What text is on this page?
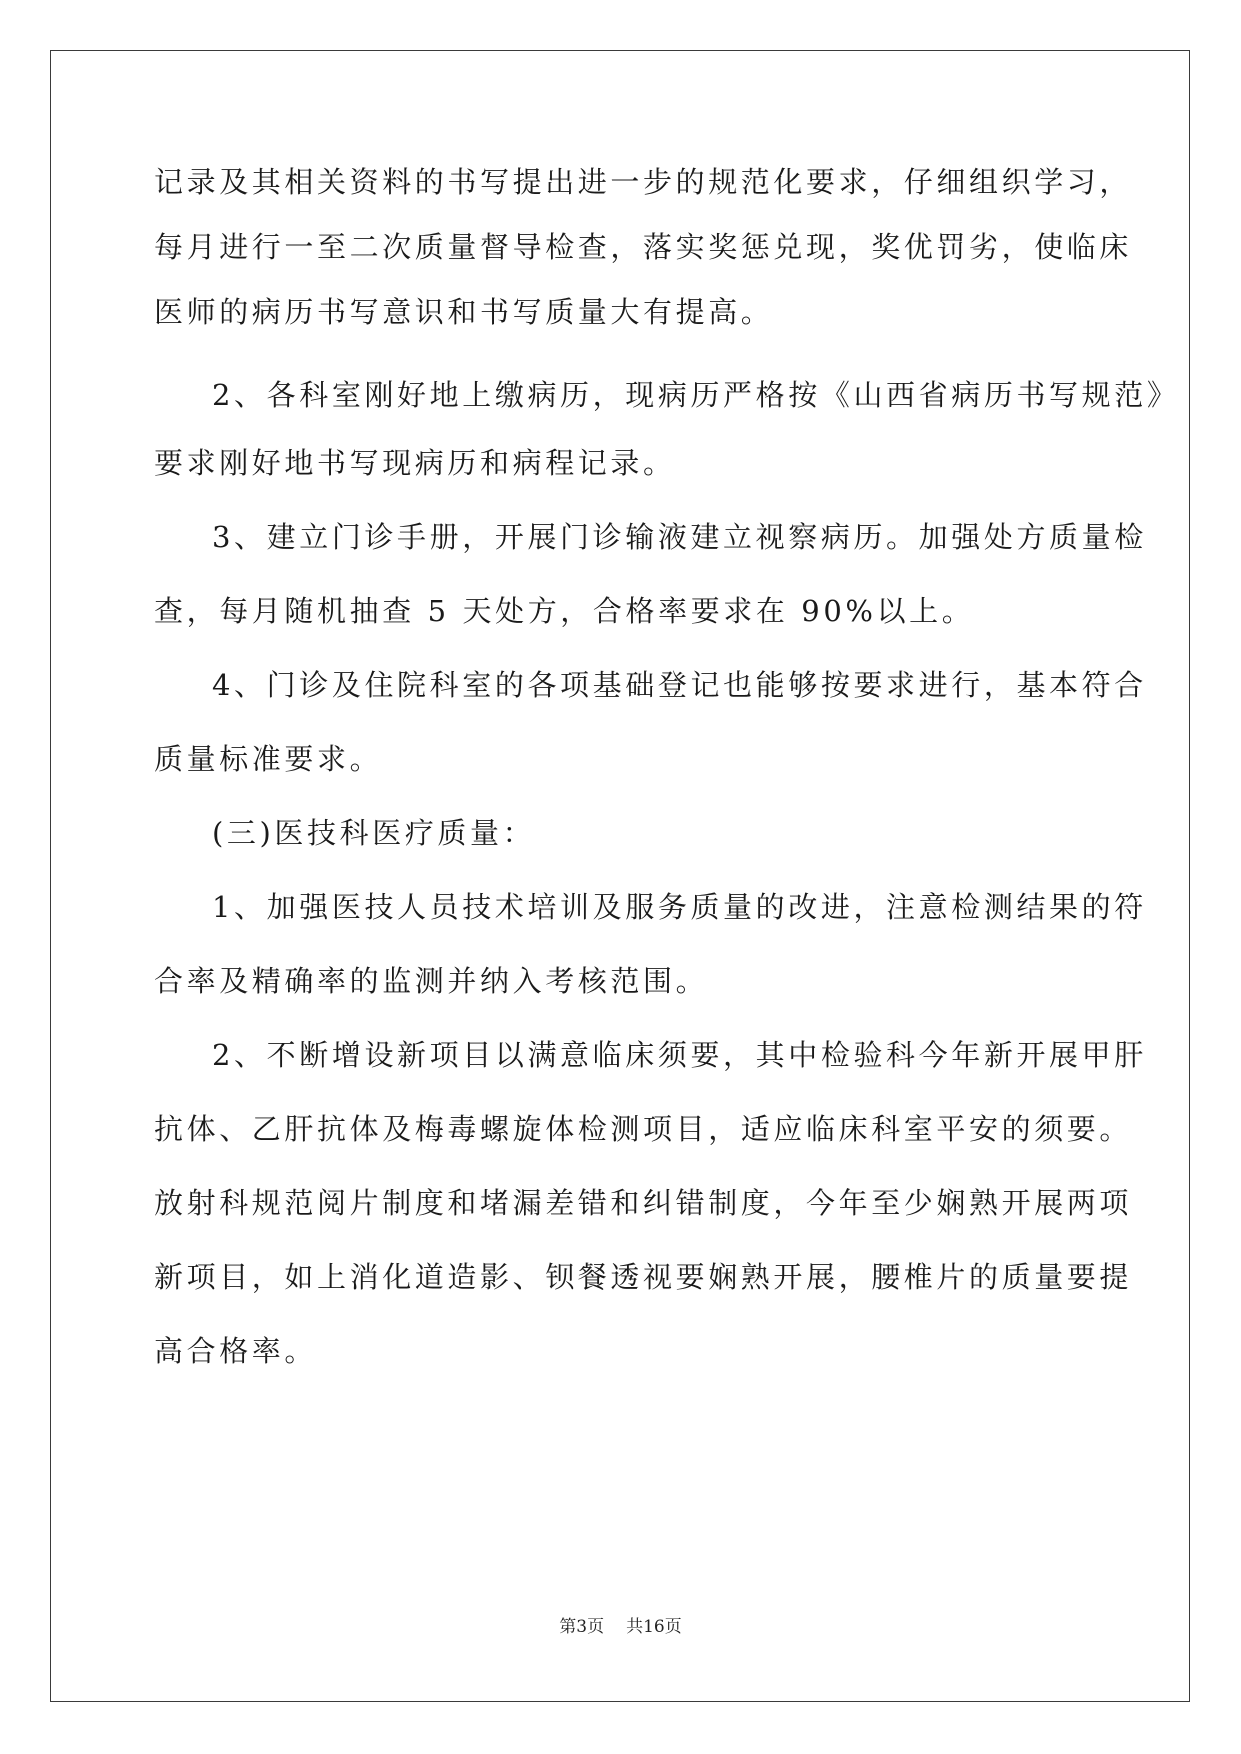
记录及其相关资料的书写提出进一步的规范化要求，仔细组织学习，
每月进行一至二次质量督导检查，落实奖惩兑现，奖优罚劣，使临床
医师的病历书写意识和书写质量大有提高。
2、各科室刚好地上缴病历，现病历严格按《山西省病历书写规范》
要求刚好地书写现病历和病程记录。
3、建立门诊手册，开展门诊输液建立视察病历。加强处方质量检
查，每月随机抽查 5 天处方，合格率要求在 90%以上。
4、门诊及住院科室的各项基础登记也能够按要求进行，基本符合
质量标准要求。
(三)医技科医疗质量：
1、加强医技人员技术培训及服务质量的改进，注意检测结果的符
合率及精确率的监测并纳入考核范围。
2、不断增设新项目以满意临床须要，其中检验科今年新开展甲肝
抗体、乙肝抗体及梅毒螺旋体检测项目，适应临床科室平安的须要。
放射科规范阅片制度和堵漏差错和纠错制度，今年至少娴熟开展两项
新项目，如上消化道造影、钡餐透视要娴熟开展，腰椎片的质量要提
高合格率。
第3页 共16页
